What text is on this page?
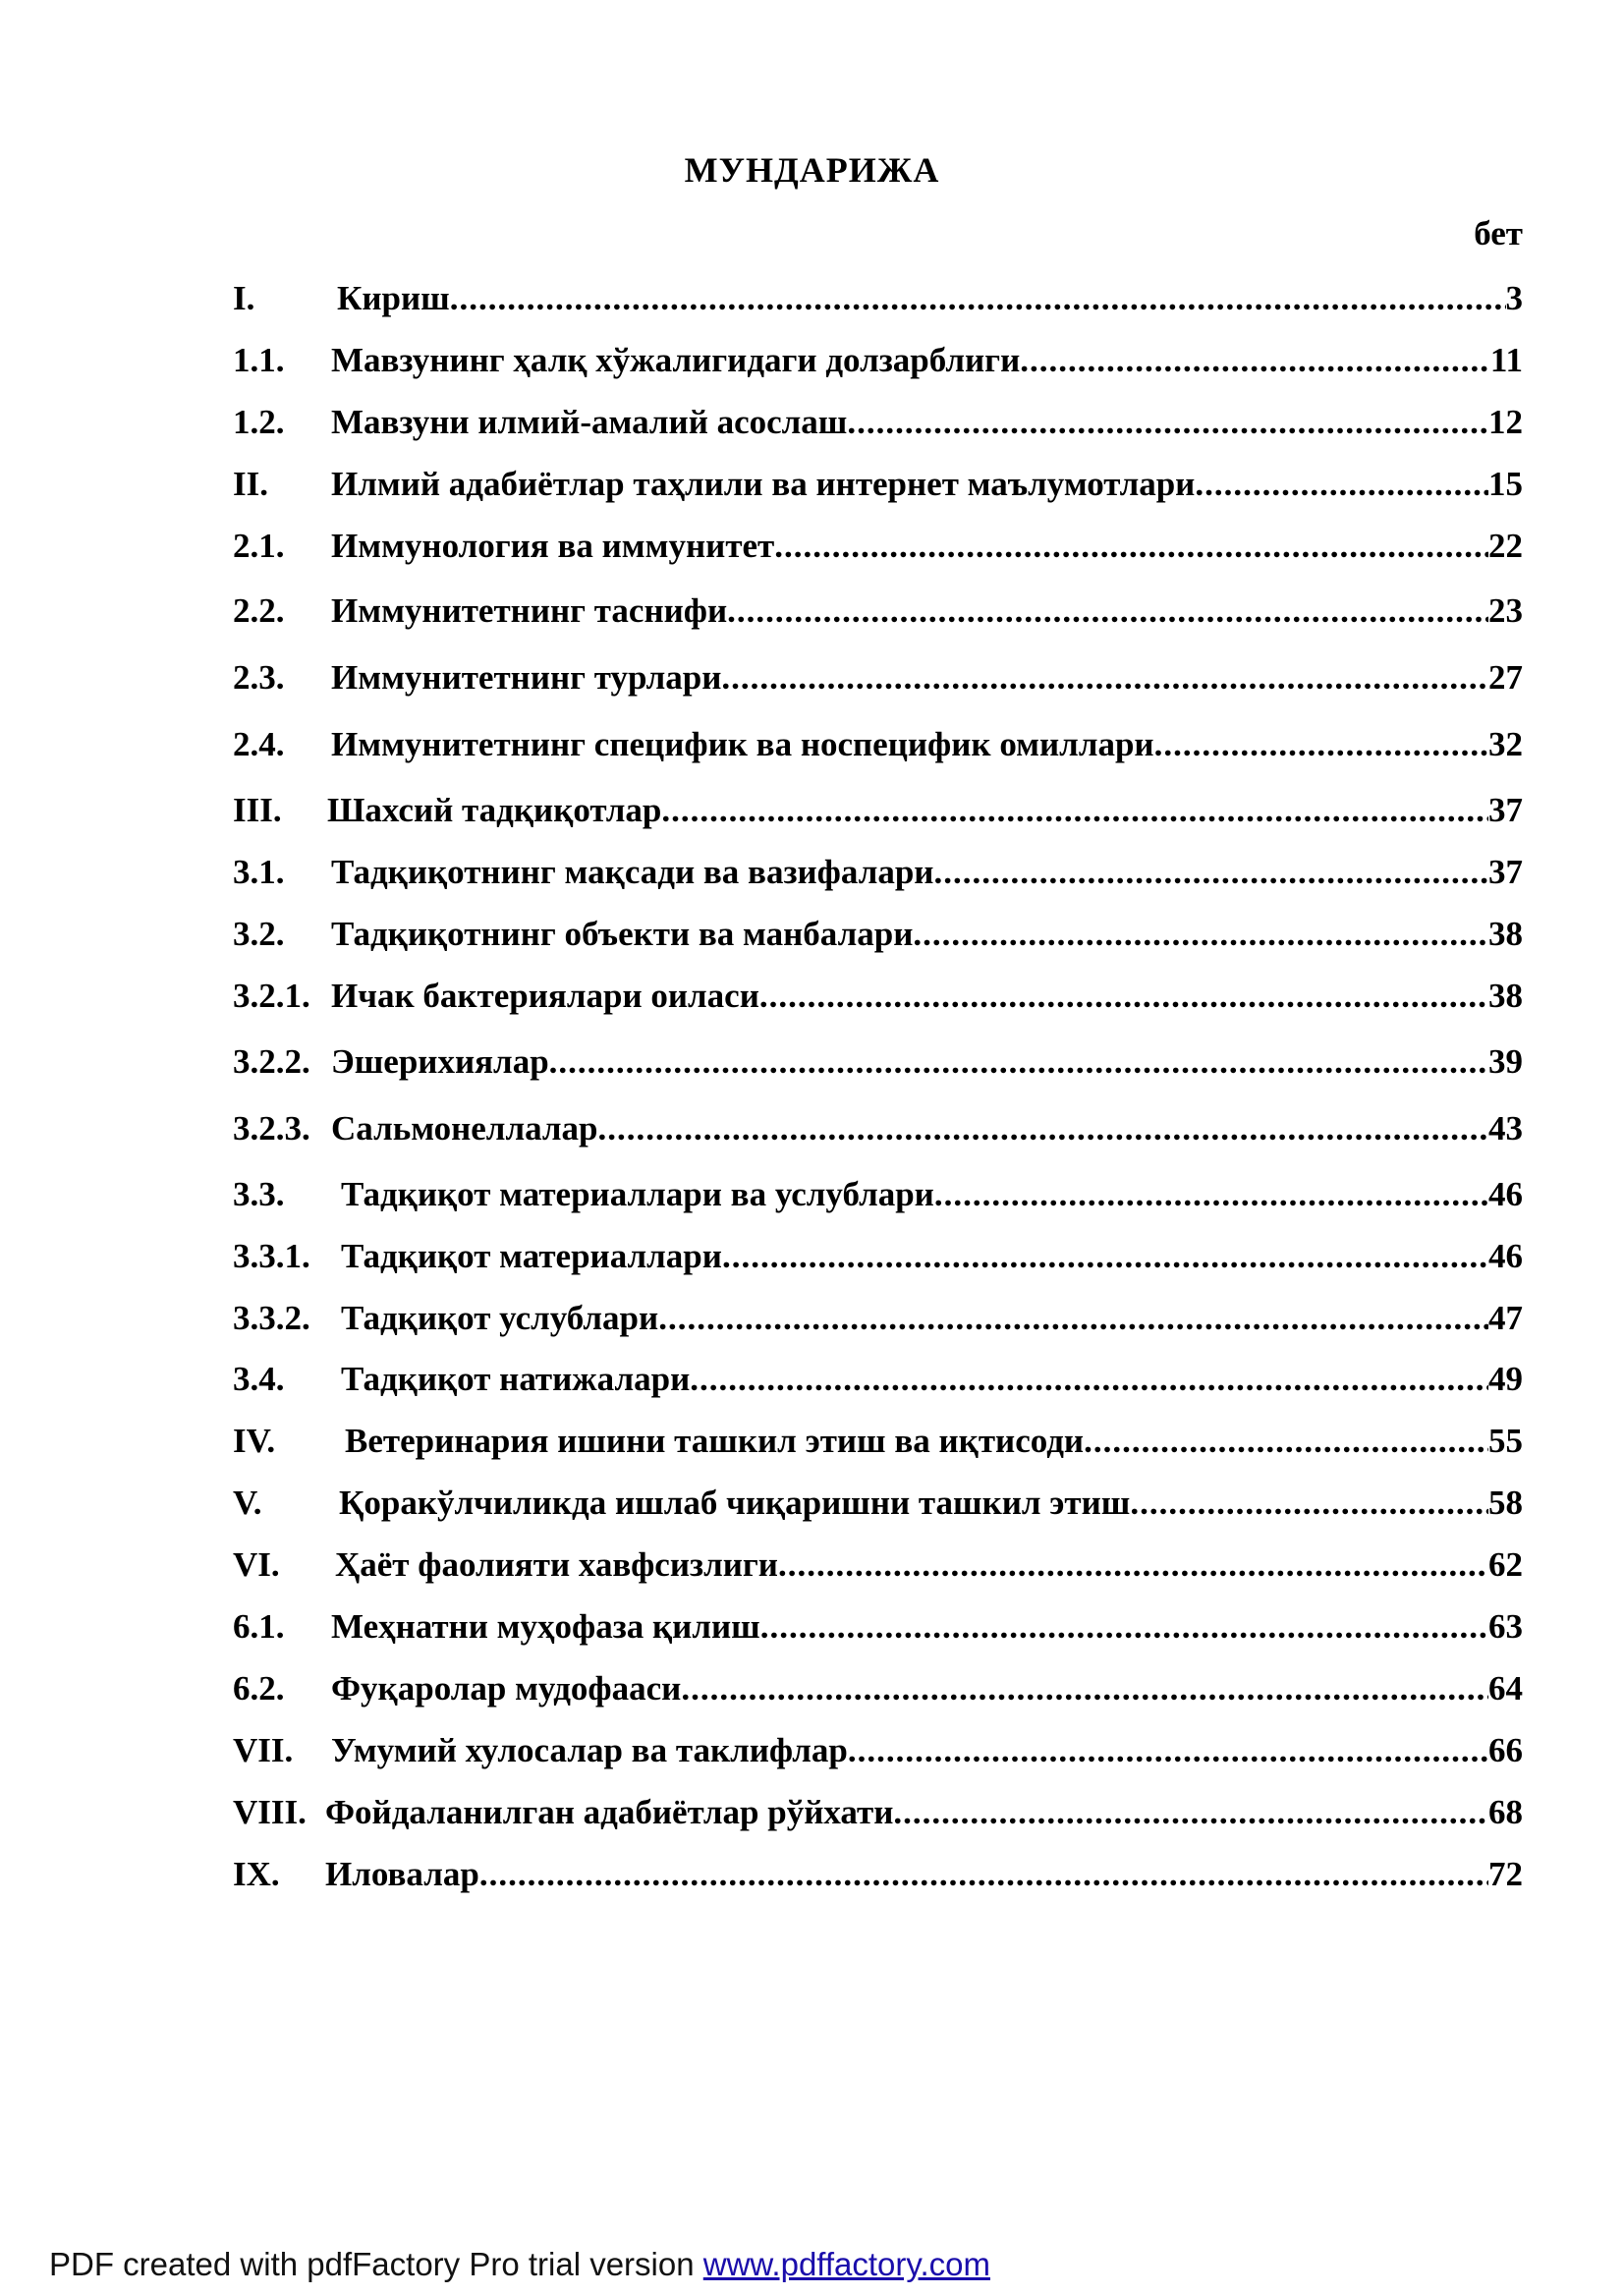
МУНДАРИЖА
бет
I.	Кириш .....	3
1.1.	Мавзунинг ҳалқ хўжалигидаги долзарблиги .....	11
1.2.	Мавзуни илмий-амалий асослаш .....	12
II.	Илмий адабиётлар таҳлили ва интернет маълумотлари .....	15
2.1.	Иммунология ва иммунитет .....	22
2.2.	Иммунитетнинг таснифи .....	23
2.3.	Иммунитетнинг турлари .....	27
2.4.	Иммунитетнинг специфик ва носпецифик омиллари .....	32
III.	Шахсий тадқиқотлар .....	37
3.1.	Тадқиқотнинг мақсади ва вазифалари .....	37
3.2.	Тадқиқотнинг объекти ва манбалари .....	38
3.2.1. Ичак бактериялари оиласи .....	38
3.2.2. Эшерихиялар .....	39
3.2.3. Сальмонеллалар .....	43
3.3.	Тадқиқот материаллари ва услублари .....	46
3.3.1. Тадқиқот материаллари .....	46
3.3.2. Тадқиқот услублари .....	47
3.4.	Тадқиқот натижалари .....	49
IV.	Ветеринария ишини ташкил этиш ва иқтисоди .....	55
V.	Қоракўлчиликда ишлаб чиқаришни ташкил этиш .....	58
VI.	Ҳаёт фаолияти хавфсизлиги .....	62
6.1.	Меҳнатни муҳофаза қилиш .....	63
6.2.	Фуқаролар мудофааси .....	64
VII.	Умумий хулосалар ва таклифлар .....	66
VIII. Фойдаланилган адабиётлар рўйхати .....	68
IX.	Иловалар .....	72
PDF created with pdfFactory Pro trial version www.pdffactory.com
